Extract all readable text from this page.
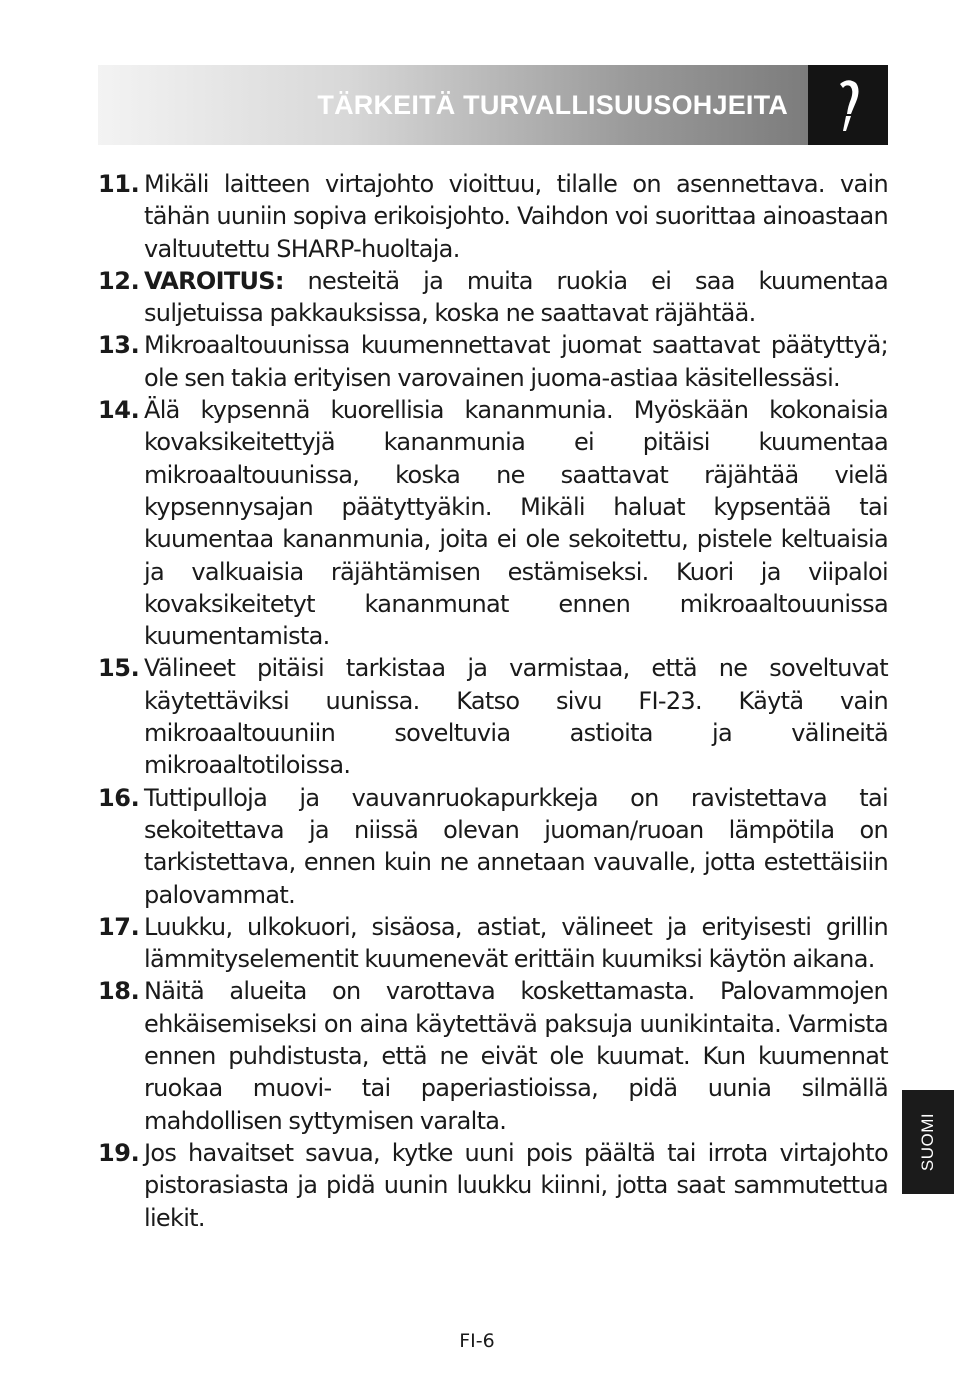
TÄRKEITÄ TURVALLISUUSOHJEITA
11. Mikäli laitteen virtajohto vioittuu, tilalle on asennettava. vain tähän uuniin sopiva erikoisjohto. Vaihdon voi suorittaa ainoastaan valtuutettu SHARP-huoltaja.
12. VAROITUS: nesteitä ja muita ruokia ei saa kuumentaa suljetuissa pakkauksissa, koska ne saattavat räjähtää.
13. Mikroaaltouunissa kuumennettavat juomat saattavat päätyttyä; ole sen takia erityisen varovainen juoma-astiaa käsitellessäsi.
14. Älä kypsennä kuorellisia kananmunia. Myöskään kokonaisia kovaksikeitettyjä kananmunia ei pitäisi kuumentaa mikroaaltouunissa, koska ne saattavat räjähtää vielä kypsennysajan päätyttyäkin. Mikäli haluat kypsentää tai kuumentaa kananmunia, joita ei ole sekoitettu, pistele keltuaisia ja valkuaisia räjähtämisen estämiseksi. Kuori ja viipaloi kovaksikeitetyt kananmunat ennen mikroaaltouunissa kuumentamista.
15. Välineet pitäisi tarkistaa ja varmistaa, että ne soveltuvat käytettäviksi uunissa. Katso sivu FI-23. Käytä vain mikroaaltouuniin soveltuvia astioita ja välineitä mikroaaltotiloissa.
16. Tuttipulloja ja vauvanruokapurkkeja on ravistettava tai sekoitettava ja niissä olevan juoman/ruoan lämpötila on tarkistettava, ennen kuin ne annetaan vauvalle, jotta estettäisiin palovammat.
17. Luukku, ulkokuori, sisäosa, astiat, välineet ja erityisesti grillin lämmityselementit kuumenevät erittäin kuumiksi käytön aikana.
18. Näitä alueita on varottava koskettamasta. Palovammojen ehkäisemiseksi on aina käytettävä paksuja uunikintaita. Varmista ennen puhdistusta, että ne eivät ole kuumat. Kun kuumennat ruokaa muovi- tai paperiastioissa, pidä uunia silmällä mahdollisen syttymisen varalta.
19. Jos havaitset savua, kytke uuni pois päältä tai irrota virtajohto pistorasiasta ja pidä uunin luukku kiinni, jotta saat sammutettua liekit.
SUOMI
FI-6
